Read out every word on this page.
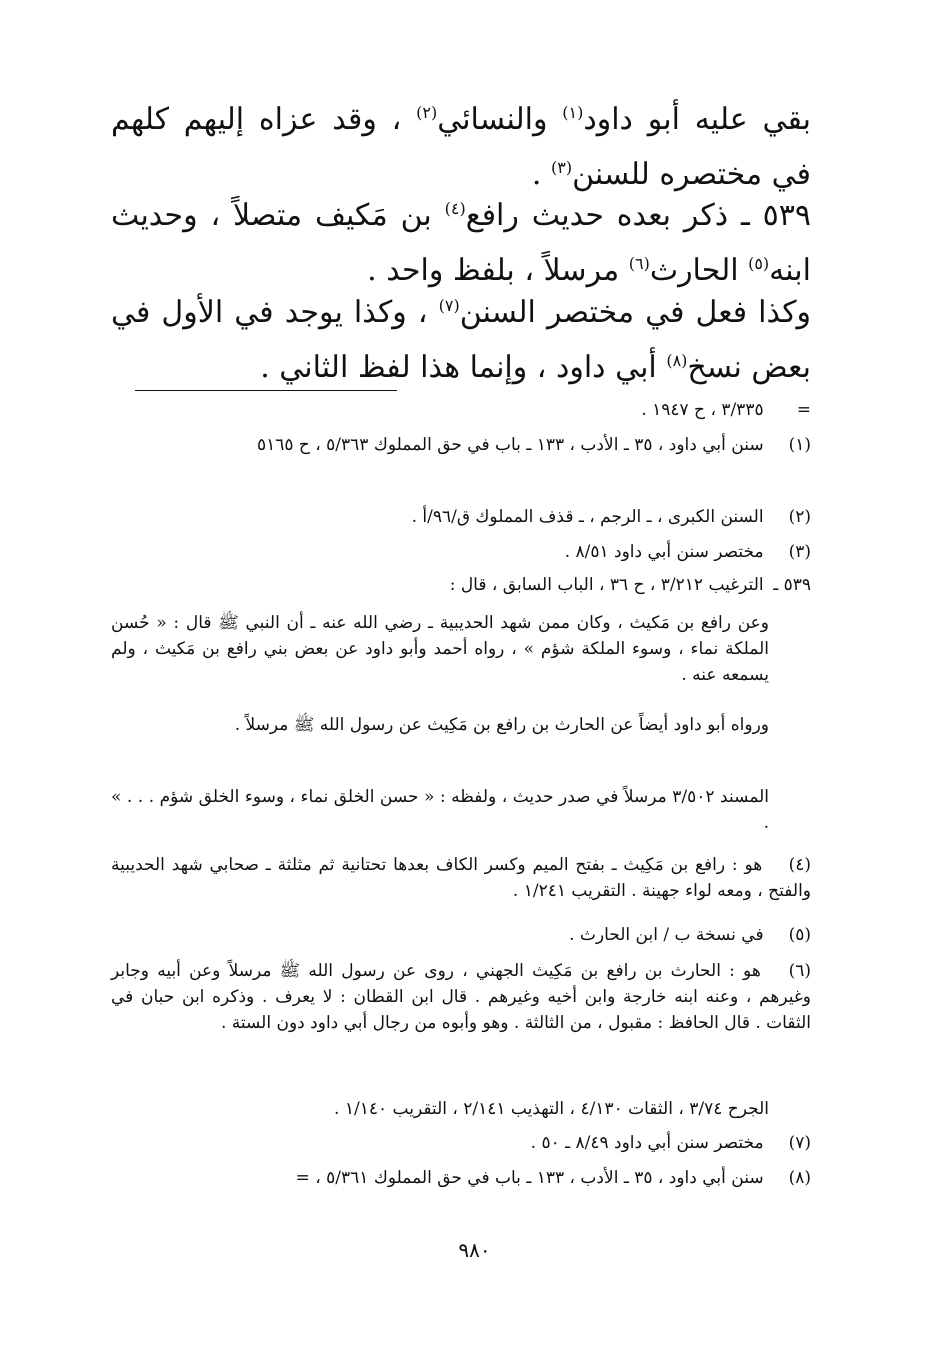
بقي عليه أبو داود$^{(١)}$ والنسائي$^{(٢)}$ ، وقد عزاه إليهم كلهم في مختصره للسنن$^{(٣)}$ .

٥٣٩ ـ ذكر بعده حديث رافع$^{(٤)}$ بن مَكيف متصلاً ، وحديث ابنه$^{(٥)}$ الحارث$^{(٦)}$ مرسلاً ، بلفظ واحد .

وكذا فعل في مختصر السنن$^{(٧)}$ ، وكذا يوجد في الأول في بعض نسخ$^{(٨)}$ أبي داود ، وإنما هذا لفظ الثاني .

= ٣/٣٣٥ ، ح ١٩٤٧ .

(١) سنن أبي داود ، ٣٥ ـ الأدب ، ١٣٣ ـ باب في حق المملوك ٥/٣٦٣ ، ح ٥١٦٥

(٢) السنن الكبرى ، ـ الرجم ، ـ قذف المملوك ق/٩٦/أ .

(٣) مختصر سنن أبي داود ٨/٥١ .

٥٣٩ ـ الترغيب ٣/٢١٢ ، ح ٣٦ ، الباب السابق ، قال :

وعن رافع بن مَكيث ، وكان ممن شهد الحديبية ـ رضي الله عنه ـ أن النبي ﷺ قال : « حُسن الملكة نماء ، وسوء الملكة شؤم » ، رواه أحمد وأبو داود عن بعض بني رافع بن مَكيث ، ولم يسمعه عنه .

ورواه أبو داود أيضاً عن الحارث بن رافع بن مَكِيث عن رسول الله ﷺ مرسلاً .

المسند ٣/٥٠٢ مرسلاً في صدر حديث ، ولفظه : « حسن الخلق نماء ، وسوء الخلق شؤم . . . » .

(٤) هو : رافع بن مَكِيث ـ بفتح الميم وكسر الكاف بعدها تحتانية ثم مثلثة ـ صحابي شهد الحديبية والفتح ، ومعه لواء جهينة . التقريب ١/٢٤١ .

(٥) في نسخة ب / ابن الحارث .

(٦) هو : الحارث بن رافع بن مَكِيث الجهني ، روى عن رسول الله ﷺ مرسلاً وعن أبيه وجابر وغيرهم ، وعنه ابنه خارجة وابن أخيه وغيرهم . قال ابن القطان : لا يعرف . وذكره ابن حبان في الثقات . قال الحافظ : مقبول ، من الثالثة . وهو وأبوه من رجال أبي داود دون الستة .

الجرح ٣/٧٤ ، الثقات ٤/١٣٠ ، التهذيب ٢/١٤١ ، التقريب ١/١٤٠ .

(٧) مختصر سنن أبي داود ٨/٤٩ ـ ٥٠ .

(٨) سنن أبي داود ، ٣٥ ـ الأدب ، ١٣٣ ـ باب في حق المملوك ٥/٣٦١ ، =

٩٨٠
